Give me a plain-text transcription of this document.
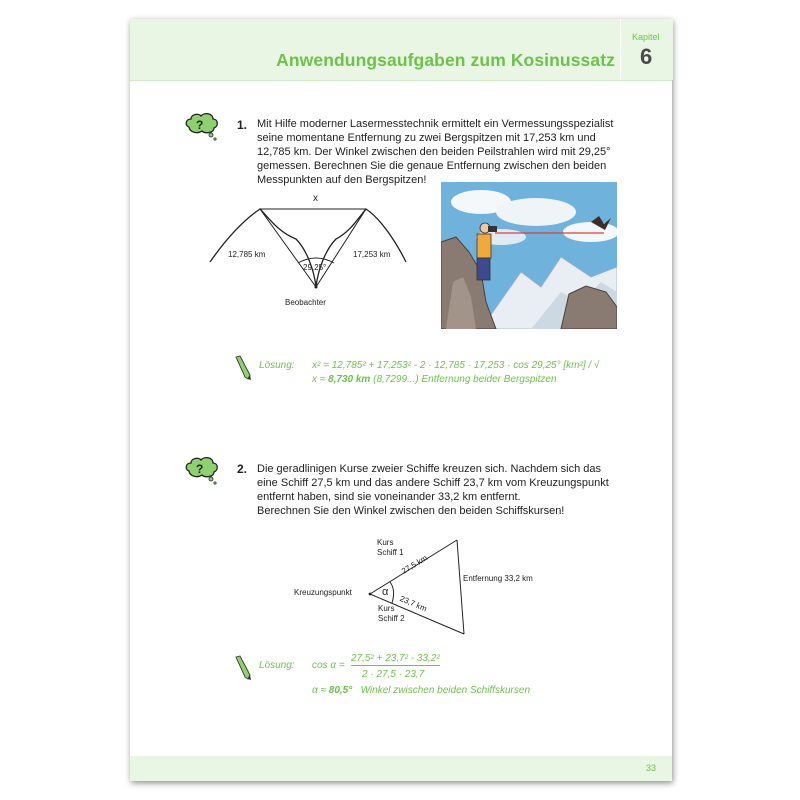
Anwendungsaufgaben zum Kosinussatz
Kapitel
6
?	1. Mit Hilfe moderner Lasermesstechnik ermittelt ein Vermessungsspezialist
seine momentane Entfernung zu zwei Bergspitzen mit 17,253 km und
12,785 km. Der Winkel zwischen den beiden Peilstrahlen wird mit 29,25°
gemessen. Berechnen Sie die genaue Entfernung zwischen den beiden
Messpunkten auf den Bergspitzen!
x
12,785 km	17,253 km
29,25°
Beobachter
Lösung: x² = 12,785² + 17,253² - 2 · 12,785 · 17,253 · cos 29,25° [km²] / √
x ≈ 8,730 km (8,7299...) Entfernung beider Bergspitzen
?	2. Die geradlinigen Kurse zweier Schiffe kreuzen sich. Nachdem sich das
eine Schiff 27,5 km und das andere Schiff 23,7 km vom Kreuzungspunkt
entfernt haben, sind sie voneinander 33,2 km entfernt.
Berechnen Sie den Winkel zwischen den beiden Schiffskursen!
Kurs
Schiff 1
27,5 km
Entfernung 33,2 km
Kreuzungspunkt	α
23,7 km
Kurs
Schiff 2
Lösung: cos α =
27,5² + 23,7² - 33,2²
2 · 27,5 · 23,7
α ≈ 80,5° Winkel zwischen beiden Schiffskursen
33
